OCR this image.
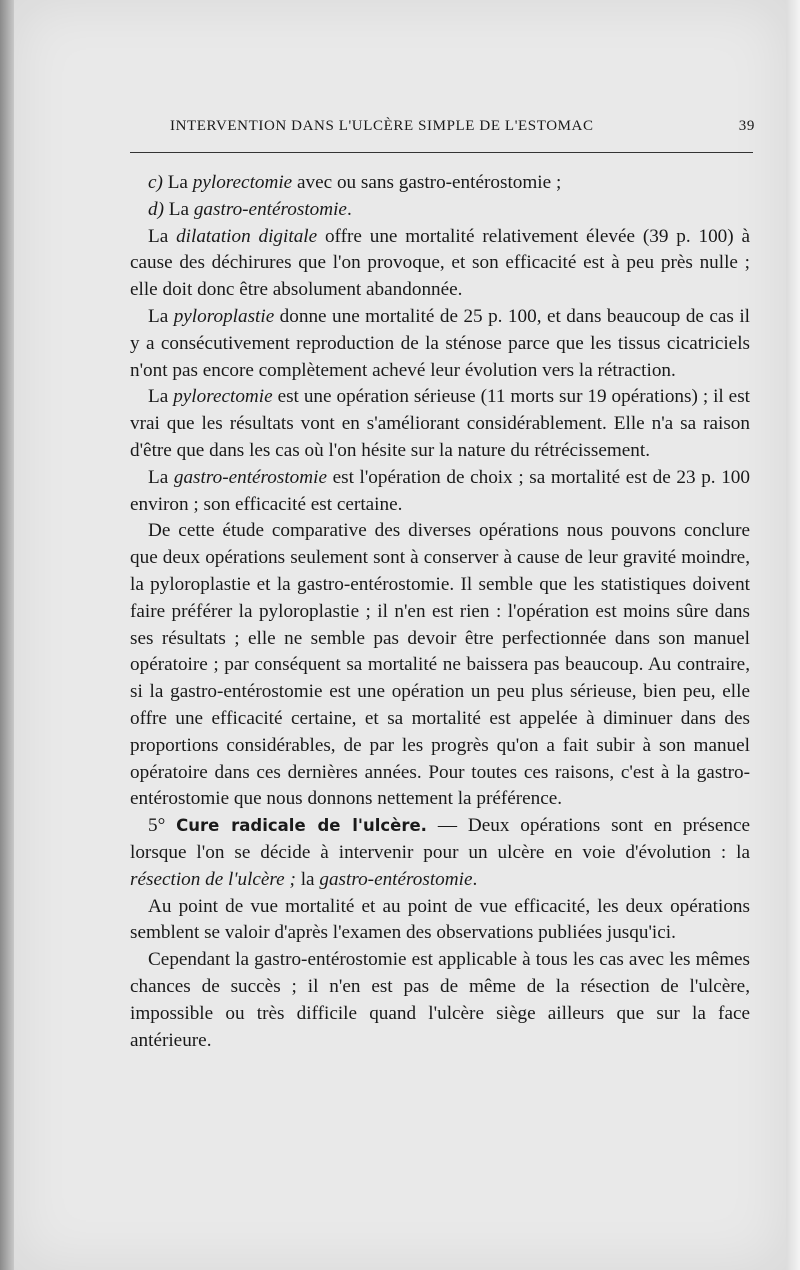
INTERVENTION DANS L'ULCÈRE SIMPLE DE L'ESTOMAC	39

c) La pylorectomie avec ou sans gastro-entérostomie ;

d) La gastro-entérostomie.

La dilatation digitale offre une mortalité relativement élevée (39 p. 100) à cause des déchirures que l'on provoque, et son efficacité est à peu près nulle ; elle doit donc être absolument abandonnée.

La pyloroplastie donne une mortalité de 25 p. 100, et dans beaucoup de cas il y a consécutivement reproduction de la sténose parce que les tissus cicatriciels n'ont pas encore complètement achevé leur évolution vers la rétraction.

La pylorectomie est une opération sérieuse (11 morts sur 19 opérations) ; il est vrai que les résultats vont en s'améliorant considérablement. Elle n'a sa raison d'être que dans les cas où l'on hésite sur la nature du rétrécissement.

La gastro-entérostomie est l'opération de choix ; sa mortalité est de 23 p. 100 environ ; son efficacité est certaine.

De cette étude comparative des diverses opérations nous pouvons conclure que deux opérations seulement sont à conserver à cause de leur gravité moindre, la pyloroplastie et la gastro-entérostomie. Il semble que les statistiques doivent faire préférer la pyloroplastie ; il n'en est rien : l'opération est moins sûre dans ses résultats ; elle ne semble pas devoir être perfectionnée dans son manuel opératoire ; par conséquent sa mortalité ne baissera pas beaucoup. Au contraire, si la gastro-entérostomie est une opération un peu plus sérieuse, bien peu, elle offre une efficacité certaine, et sa mortalité est appelée à diminuer dans des proportions considérables, de par les progrès qu'on a fait subir à son manuel opératoire dans ces dernières années. Pour toutes ces raisons, c'est à la gastro-entérostomie que nous donnons nettement la préférence.

5° Cure radicale de l'ulcère. — Deux opérations sont en présence lorsque l'on se décide à intervenir pour un ulcère en voie d'évolution : la résection de l'ulcère ; la gastro-entérostomie.

Au point de vue mortalité et au point de vue efficacité, les deux opérations semblent se valoir d'après l'examen des observations publiées jusqu'ici.

Cependant la gastro-entérostomie est applicable à tous les cas avec les mêmes chances de succès ; il n'en est pas de même de la résection de l'ulcère, impossible ou très difficile quand l'ulcère siège ailleurs que sur la face antérieure.
